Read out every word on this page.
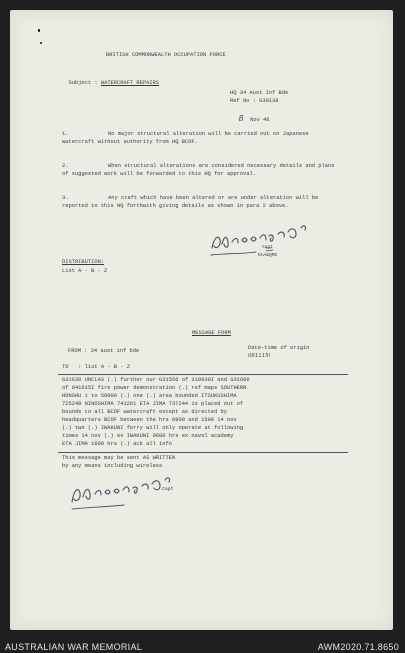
BRITISH COMMONWEALTH OCCUPATION FORCE

Subject : WATERCRAFT REPAIRS

HQ 34 Aust Inf Bde
Ref No : G30138

8 Nov 46

1.	No major structural alteration will be carried out on Japanese watercraft without authority from HQ BCOF.
2.	When structural alterations are considered necessary details and plans of suggested work will be forwarded to this HQ for approval.
3.	Any craft which have been altered or are under alteration will be reported to this HQ forthwith giving details as shown in para 2 above.
Capt
DAA&QMG
DISTRIBUTION:
List A - B - Z
MESSAGE FORM
FROM : 34 aust inf bde	Date-time of origin
081115I
TO   : list A - B - Z
G31630 UNCLAS (.) further our G31556 of 310930I and G31606
of 041615I fire power demonstration (.) ref maps SOUTHERN
HONSHU 1 to 50000 (.) one (.) area bounded ITSUKUSHIMA
725248 NINOSHIMA 741261 ETA JIMA 737244 is placed out of
bounds to all BCOF watercraft except as directed by
headquarters BCOF between the hrs 0900 and 1500 14 nov
(.) two (.) IWAKUNI ferry will only operate at following
times 14 nov (.) ex IWAKUNI 0600 hrs ex naval academy
ETA JIMA 1600 hrs (.) ack all info
This message may be sent AS WRITTEN
by any means including wireless
Capt
AUSTRALIAN WAR MEMORIAL	AWM2020.71.8650
